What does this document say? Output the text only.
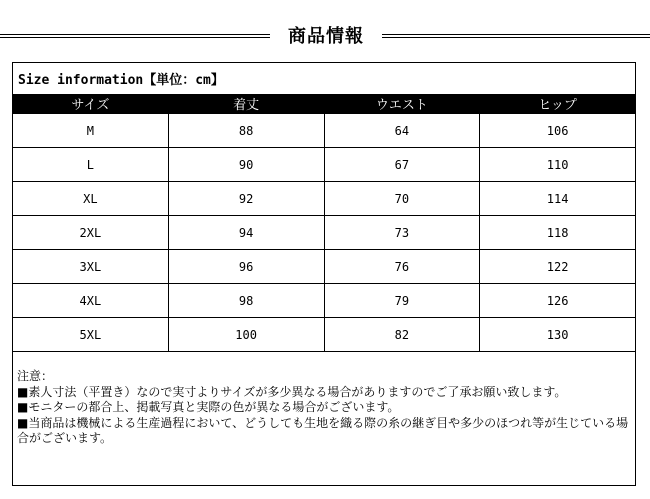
商品情報
Size information【単位：cm】
サイズ	着丈	ウエスト	ヒップ
M	88	64	106
L	90	67	110
XL	92	70	114
2XL	94	73	118
3XL	96	76	122
4XL	98	79	126
5XL	100	82	130

注意：

■素人寸法（平置き）なので実寸よりサイズが多少異なる場合がありますのでご了承お願い致します。

■モニターの都合上、掲載写真と実際の色が異なる場合がございます。

■当商品は機械による生産過程において、どうしても生地を織る際の糸の継ぎ目や多少のほつれ等が生じている場合がございます。
